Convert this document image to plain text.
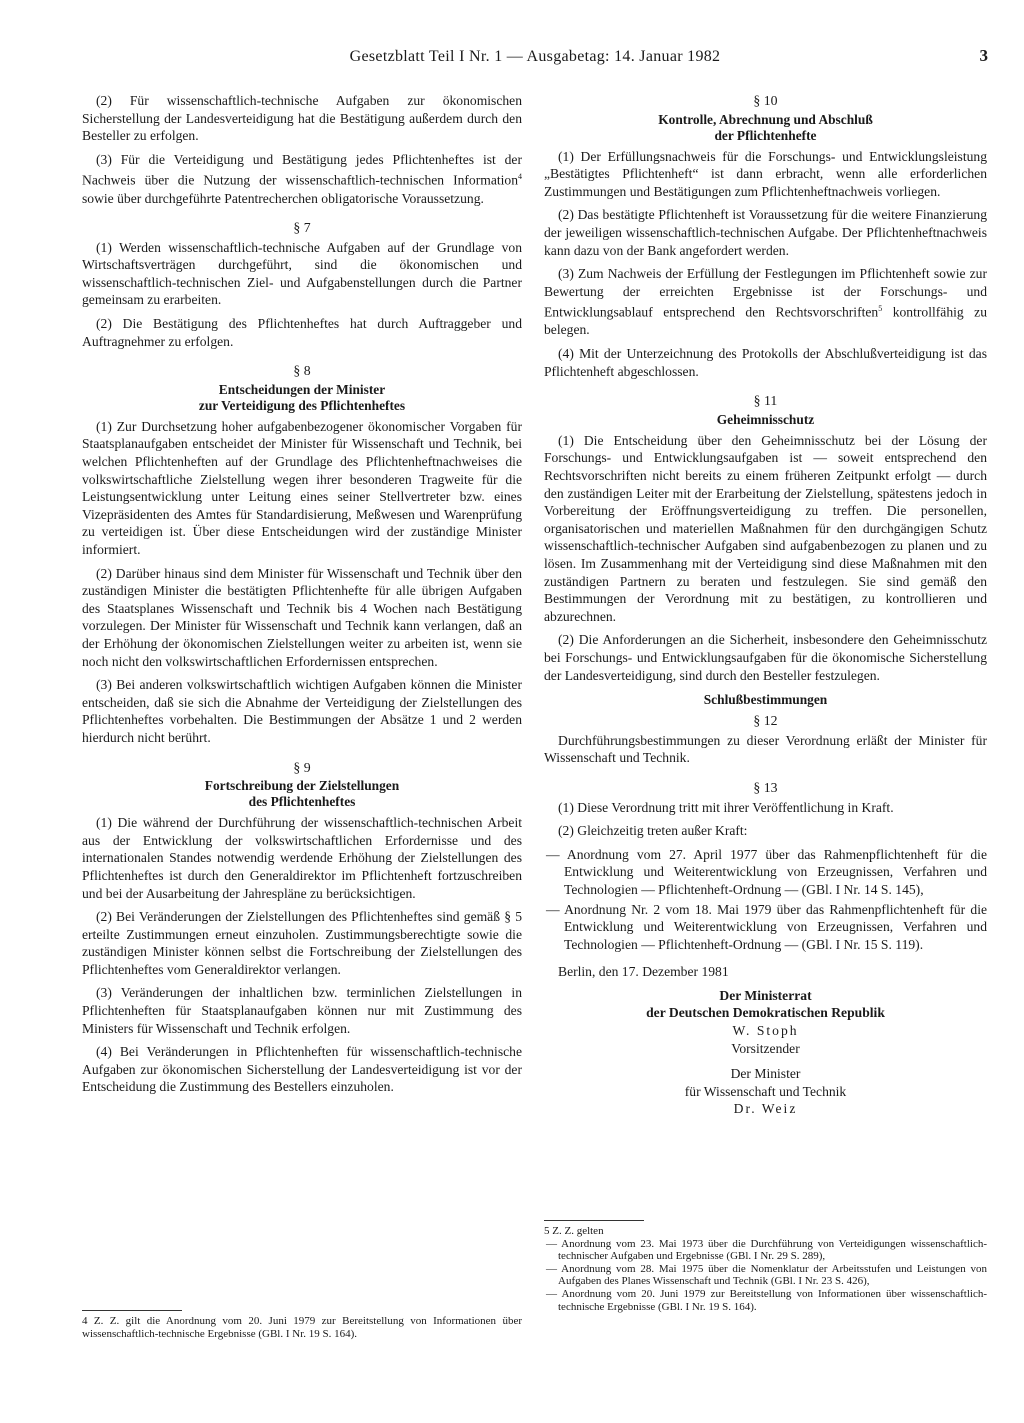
Gesetzblatt Teil I Nr. 1 — Ausgabetag: 14. Januar 1982	3

(2) Für wissenschaftlich-technische Aufgaben zur ökonomischen Sicherstellung der Landesverteidigung hat die Bestätigung außerdem durch den Besteller zu erfolgen.

(3) Für die Verteidigung und Bestätigung jedes Pflichtenheftes ist der Nachweis über die Nutzung der wissenschaftlich-technischen Information$^4$ sowie über durchgeführte Patentrecherchen obligatorische Voraussetzung.

§ 7

(1) Werden wissenschaftlich-technische Aufgaben auf der Grundlage von Wirtschaftsverträgen durchgeführt, sind die ökonomischen und wissenschaftlich-technischen Ziel- und Aufgabenstellungen durch die Partner gemeinsam zu erarbeiten.

(2) Die Bestätigung des Pflichtenheftes hat durch Auftraggeber und Auftragnehmer zu erfolgen.

§ 8
Entscheidungen der Minister
zur Verteidigung des Pflichtenheftes

(1) Zur Durchsetzung hoher aufgabenbezogener ökonomischer Vorgaben für Staatsplanaufgaben entscheidet der Minister für Wissenschaft und Technik, bei welchen Pflichtenheften auf der Grundlage des Pflichtenheftnachweises die volkswirtschaftliche Zielstellung wegen ihrer besonderen Tragweite für die Leistungsentwicklung unter Leitung eines seiner Stellvertreter bzw. eines Vizepräsidenten des Amtes für Standardisierung, Meßwesen und Warenprüfung zu verteidigen ist. Über diese Entscheidungen wird der zuständige Minister informiert.

(2) Darüber hinaus sind dem Minister für Wissenschaft und Technik über den zuständigen Minister die bestätigten Pflichtenhefte für alle übrigen Aufgaben des Staatsplanes Wissenschaft und Technik bis 4 Wochen nach Bestätigung vorzulegen. Der Minister für Wissenschaft und Technik kann verlangen, daß an der Erhöhung der ökonomischen Zielstellungen weiter zu arbeiten ist, wenn sie noch nicht den volkswirtschaftlichen Erfordernissen entsprechen.

(3) Bei anderen volkswirtschaftlich wichtigen Aufgaben können die Minister entscheiden, daß sie sich die Abnahme der Verteidigung der Zielstellungen des Pflichtenheftes vorbehalten. Die Bestimmungen der Absätze 1 und 2 werden hierdurch nicht berührt.

§ 9
Fortschreibung der Zielstellungen
des Pflichtenheftes

(1) Die während der Durchführung der wissenschaftlich-technischen Arbeit aus der Entwicklung der volkswirtschaftlichen Erfordernisse und des internationalen Standes notwendig werdende Erhöhung der Zielstellungen des Pflichtenheftes ist durch den Generaldirektor im Pflichtenheft fortzuschreiben und bei der Ausarbeitung der Jahrespläne zu berücksichtigen.

(2) Bei Veränderungen der Zielstellungen des Pflichtenheftes sind gemäß § 5 erteilte Zustimmungen erneut einzuholen. Zustimmungsberechtigte sowie die zuständigen Minister können selbst die Fortschreibung der Zielstellungen des Pflichtenheftes vom Generaldirektor verlangen.

(3) Veränderungen der inhaltlichen bzw. terminlichen Zielstellungen in Pflichtenheften für Staatsplanaufgaben können nur mit Zustimmung des Ministers für Wissenschaft und Technik erfolgen.

(4) Bei Veränderungen in Pflichtenheften für wissenschaftlich-technische Aufgaben zur ökonomischen Sicherstellung der Landesverteidigung ist vor der Entscheidung die Zustimmung des Bestellers einzuholen.

4 Z. Z. gilt die Anordnung vom 20. Juni 1979 zur Bereitstellung von Informationen über wissenschaftlich-technische Ergebnisse (GBl. I Nr. 19 S. 164).

§ 10
Kontrolle, Abrechnung und Abschluß
der Pflichtenhefte

(1) Der Erfüllungsnachweis für die Forschungs- und Entwicklungsleistung „Bestätigtes Pflichtenheft“ ist dann erbracht, wenn alle erforderlichen Zustimmungen und Bestätigungen zum Pflichtenheftnachweis vorliegen.

(2) Das bestätigte Pflichtenheft ist Voraussetzung für die weitere Finanzierung der jeweiligen wissenschaftlich-technischen Aufgabe. Der Pflichtenheftnachweis kann dazu von der Bank angefordert werden.

(3) Zum Nachweis der Erfüllung der Festlegungen im Pflichtenheft sowie zur Bewertung der erreichten Ergebnisse ist der Forschungs- und Entwicklungsablauf entsprechend den Rechtsvorschriften$^5$ kontrollfähig zu belegen.

(4) Mit der Unterzeichnung des Protokolls der Abschlußverteidigung ist das Pflichtenheft abgeschlossen.

§ 11
Geheimnisschutz

(1) Die Entscheidung über den Geheimnisschutz bei der Lösung der Forschungs- und Entwicklungsaufgaben ist — soweit entsprechend den Rechtsvorschriften nicht bereits zu einem früheren Zeitpunkt erfolgt — durch den zuständigen Leiter mit der Erarbeitung der Zielstellung, spätestens jedoch in Vorbereitung der Eröffnungsverteidigung zu treffen. Die personellen, organisatorischen und materiellen Maßnahmen für den durchgängigen Schutz wissenschaftlich-technischer Aufgaben sind aufgabenbezogen zu planen und zu lösen. Im Zusammenhang mit der Verteidigung sind diese Maßnahmen mit den zuständigen Partnern zu beraten und festzulegen. Sie sind gemäß den Bestimmungen der Verordnung mit zu bestätigen, zu kontrollieren und abzurechnen.

(2) Die Anforderungen an die Sicherheit, insbesondere den Geheimnisschutz bei Forschungs- und Entwicklungsaufgaben für die ökonomische Sicherstellung der Landesverteidigung, sind durch den Besteller festzulegen.

Schlußbestimmungen
§ 12

Durchführungsbestimmungen zu dieser Verordnung erläßt der Minister für Wissenschaft und Technik.

§ 13

(1) Diese Verordnung tritt mit ihrer Veröffentlichung in Kraft.

(2) Gleichzeitig treten außer Kraft:

— Anordnung vom 27. April 1977 über das Rahmenpflichtenheft für die Entwicklung und Weiterentwicklung von Erzeugnissen, Verfahren und Technologien — Pflichtenheft-Ordnung — (GBl. I Nr. 14 S. 145),

— Anordnung Nr. 2 vom 18. Mai 1979 über das Rahmenpflichtenheft für die Entwicklung und Weiterentwicklung von Erzeugnissen, Verfahren und Technologien — Pflichtenheft-Ordnung — (GBl. I Nr. 15 S. 119).

Berlin, den 17. Dezember 1981

Der Ministerrat
der Deutschen Demokratischen Republik
W. Stoph
Vorsitzender
Der Minister
für Wissenschaft und Technik
Dr. Weiz

5 Z. Z. gelten

— Anordnung vom 23. Mai 1973 über die Durchführung von Verteidigungen wissenschaftlich-technischer Aufgaben und Ergebnisse (GBl. I Nr. 29 S. 289),

— Anordnung vom 28. Mai 1975 über die Nomenklatur der Arbeitsstufen und Leistungen von Aufgaben des Planes Wissenschaft und Technik (GBl. I Nr. 23 S. 426),

— Anordnung vom 20. Juni 1979 zur Bereitstellung von Informationen über wissenschaftlich-technische Ergebnisse (GBl. I Nr. 19 S. 164).
